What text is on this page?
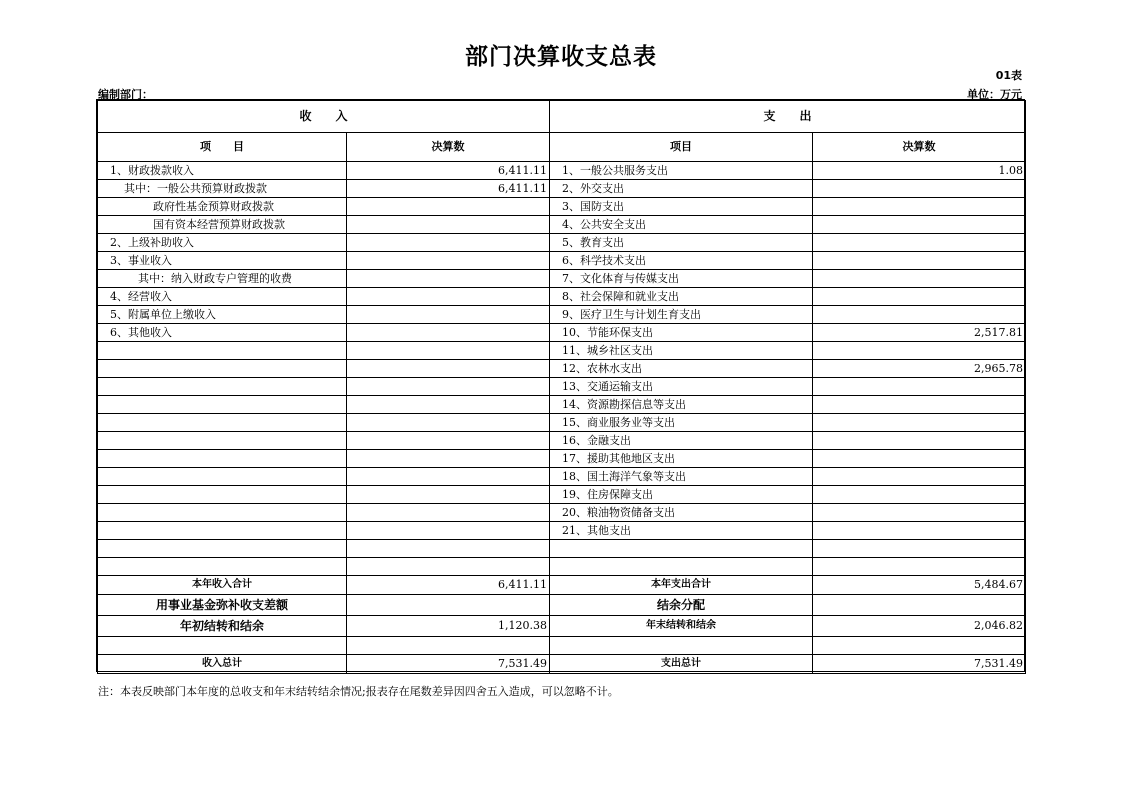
部门决算收支总表
01表
编制部门：	单位：万元
收　　入		支　　出	
项　　目	决算数	项目	决算数
1、财政拨款收入	6,411.11	1、一般公共服务支出	1.08
其中：一般公共预算财政拨款	6,411.11	2、外交支出	
政府性基金预算财政拨款		3、国防支出	
国有资本经营预算财政拨款		4、公共安全支出	
2、上级补助收入		5、教育支出	
3、事业收入		6、科学技术支出	
其中：纳入财政专户管理的收费		7、文化体育与传媒支出	
4、经营收入		8、社会保障和就业支出	
5、附属单位上缴收入		9、医疗卫生与计划生育支出	
6、其他收入		10、节能环保支出	2,517.81
		11、城乡社区支出	
		12、农林水支出	2,965.78
		13、交通运输支出	
		14、资源勘探信息等支出	
		15、商业服务业等支出	
		16、金融支出	
		17、援助其他地区支出	
		18、国土海洋气象等支出	
		19、住房保障支出	
		20、粮油物资储备支出	
		21、其他支出	

本年收入合计	6,411.11	本年支出合计	5,484.67
用事业基金弥补收支差额		结余分配	
年初结转和结余	1,120.38	年末结转和结余	2,046.82

收入总计	7,531.49	支出总计	7,531.49
注：本表反映部门本年度的总收支和年末结转结余情况;报表存在尾数差异因四舍五入造成，可以忽略不计。
